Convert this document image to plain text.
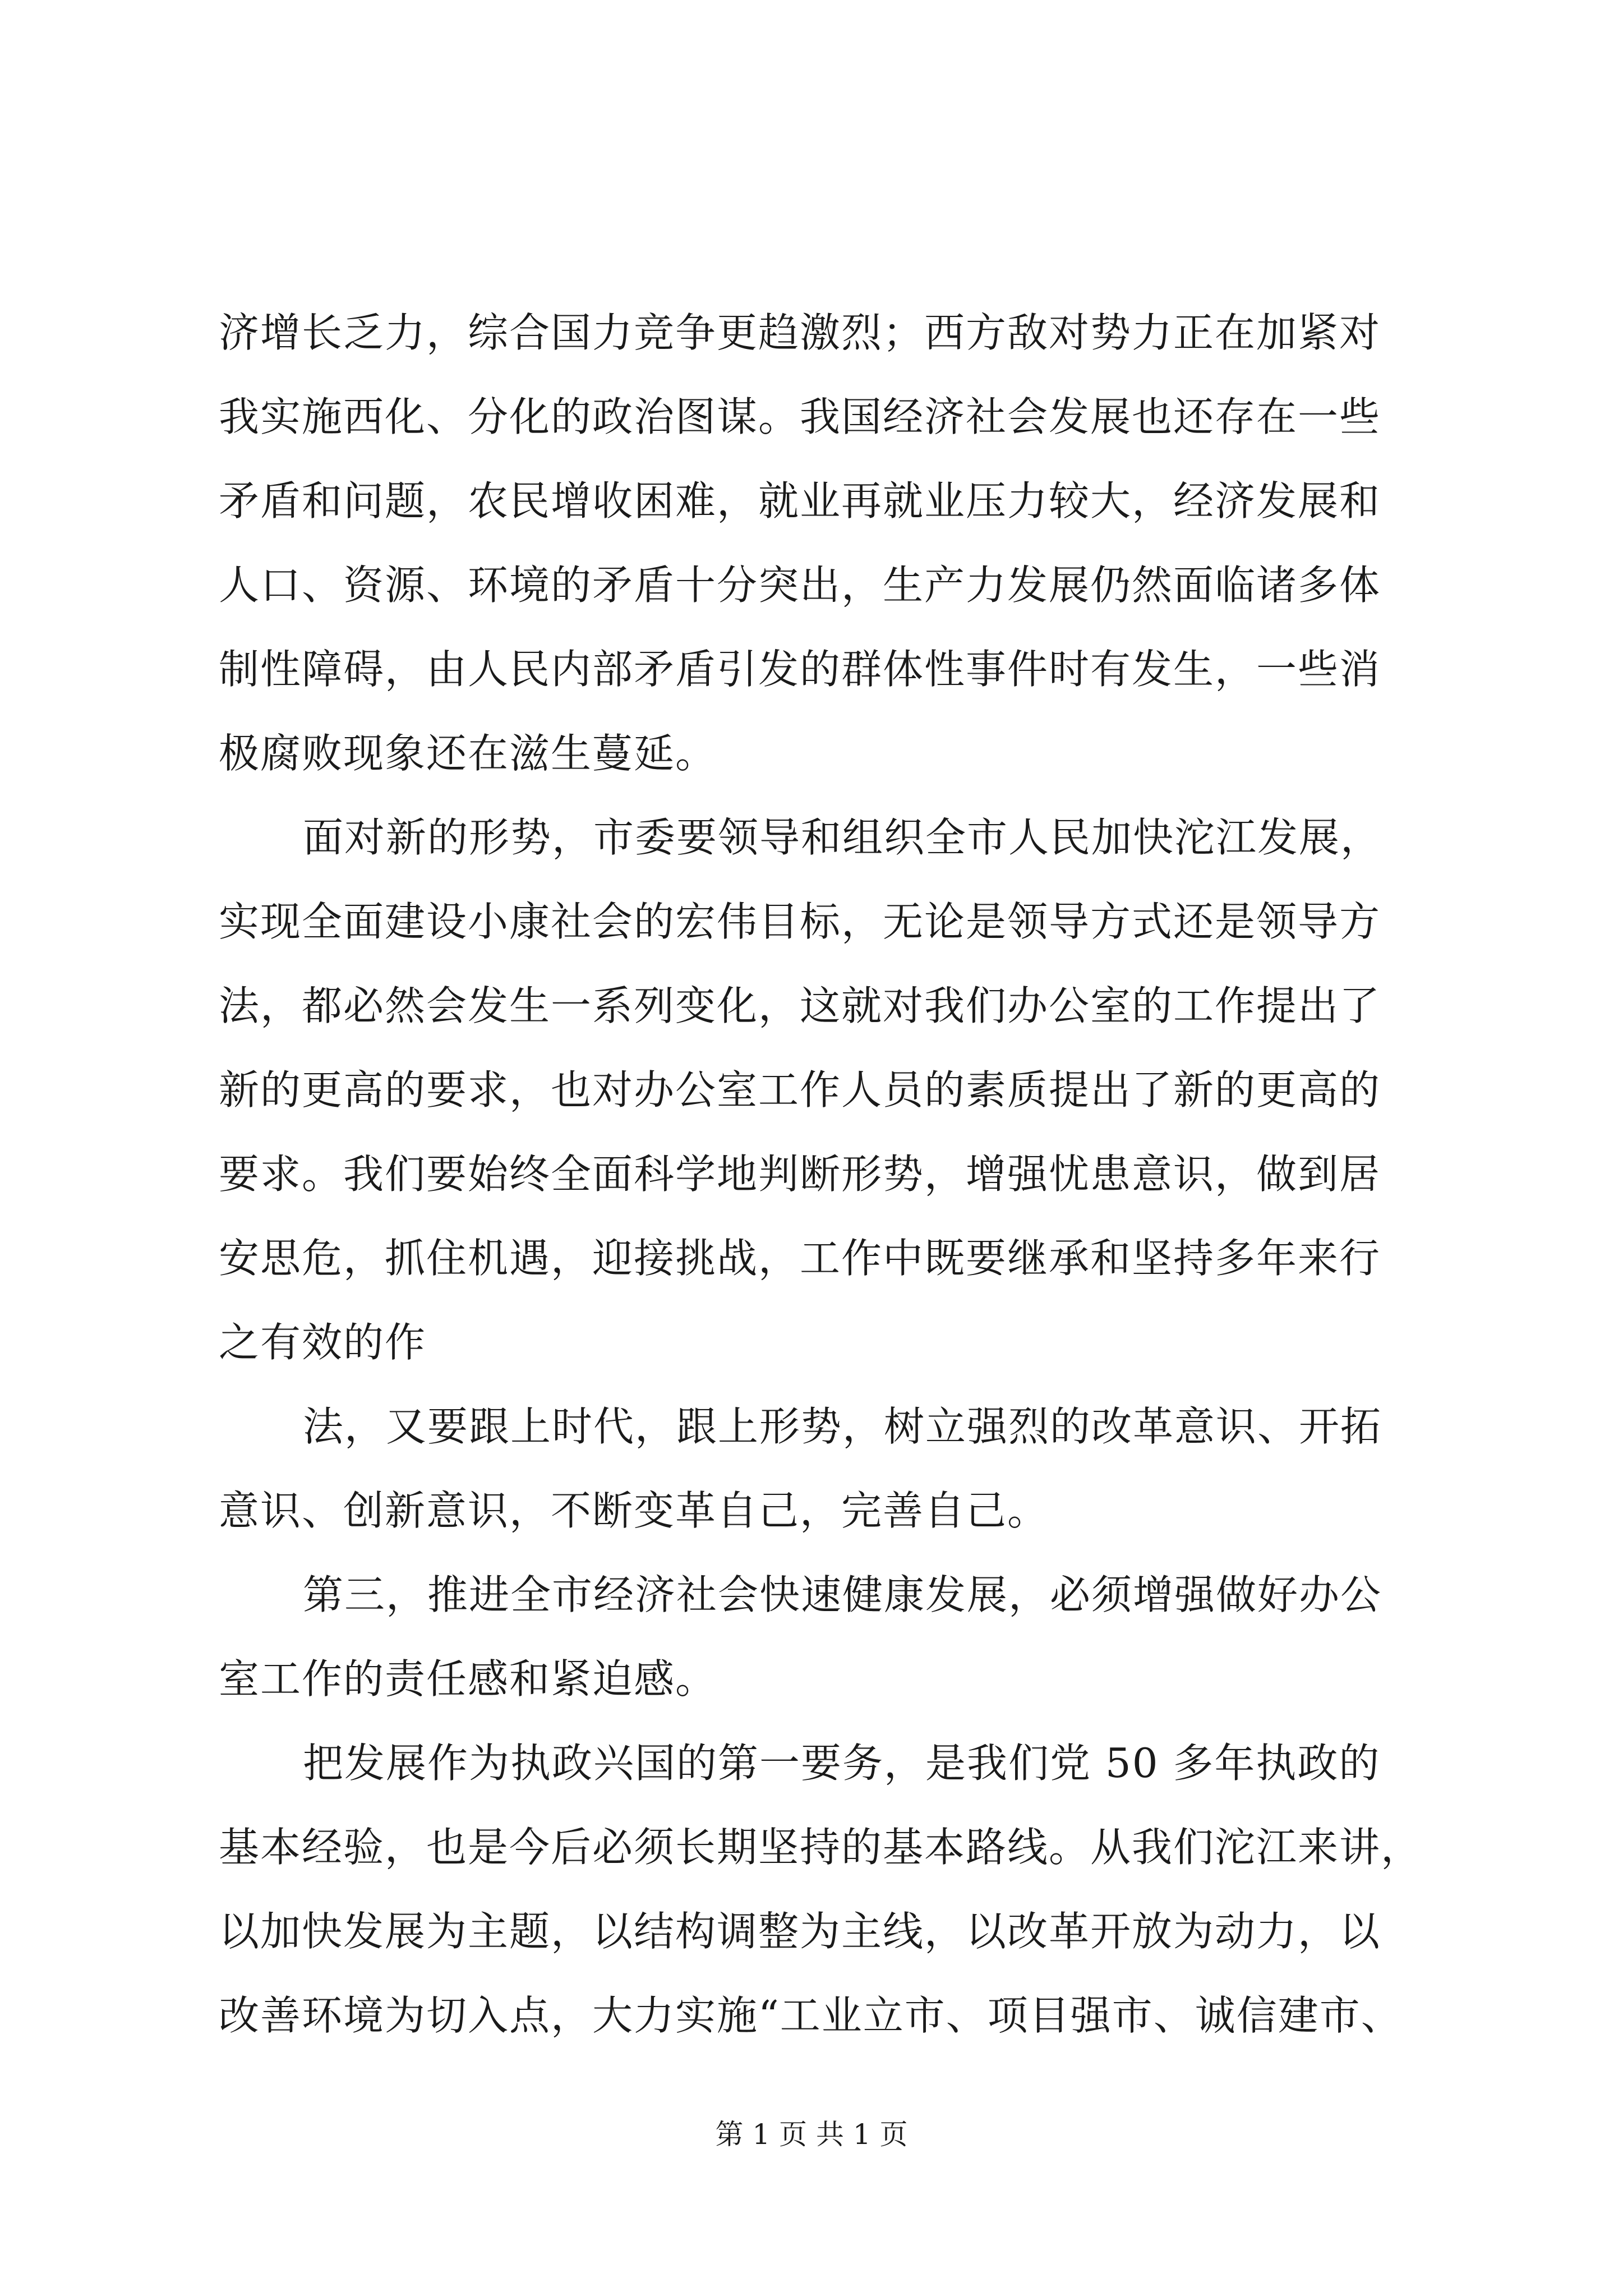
济增长乏力，综合国力竞争更趋激烈；西方敌对势力正在加紧对
我实施西化、分化的政治图谋。我国经济社会发展也还存在一些
矛盾和问题，农民增收困难，就业再就业压力较大，经济发展和
人口、资源、环境的矛盾十分突出，生产力发展仍然面临诸多体
制性障碍，由人民内部矛盾引发的群体性事件时有发生，一些消
极腐败现象还在滋生蔓延。
面对新的形势，市委要领导和组织全市人民加快沱江发展，
实现全面建设小康社会的宏伟目标，无论是领导方式还是领导方
法，都必然会发生一系列变化，这就对我们办公室的工作提出了
新的更高的要求，也对办公室工作人员的素质提出了新的更高的
要求。我们要始终全面科学地判断形势，增强忧患意识，做到居
安思危，抓住机遇，迎接挑战，工作中既要继承和坚持多年来行
之有效的作
法，又要跟上时代，跟上形势，树立强烈的改革意识、开拓
意识、创新意识，不断变革自己，完善自己。
第三，推进全市经济社会快速健康发展，必须增强做好办公
室工作的责任感和紧迫感。
把发展作为执政兴国的第一要务，是我们党 50 多年执政的
基本经验，也是今后必须长期坚持的基本路线。从我们沱江来讲，
以加快发展为主题，以结构调整为主线，以改革开放为动力，以
改善环境为切入点，大力实施“工业立市、项目强市、诚信建市、
第 1 页 共 1 页
